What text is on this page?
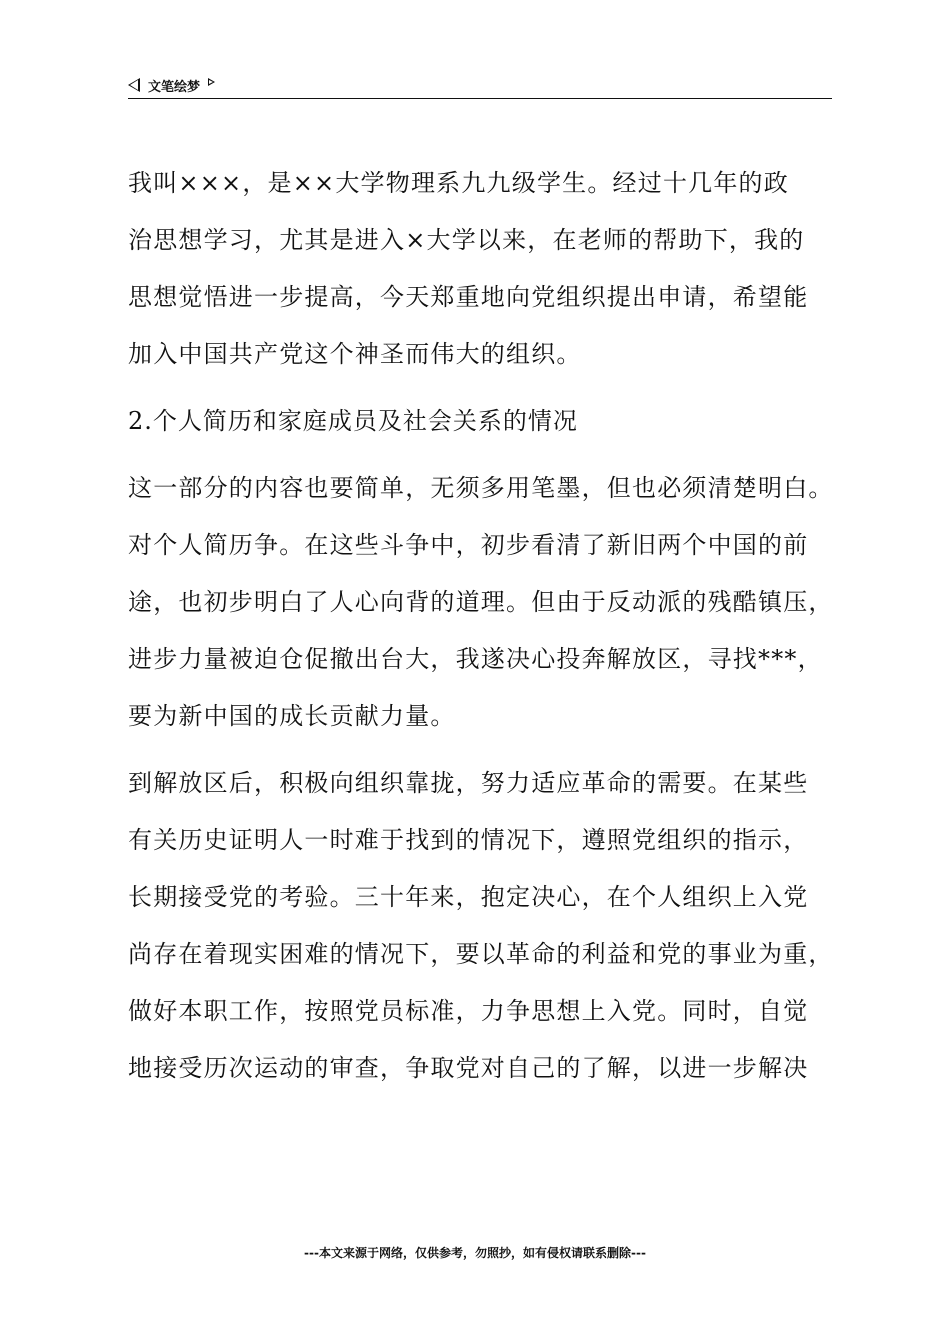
文笔绘梦
我叫×××，是××大学物理系九九级学生。经过十几年的政
治思想学习，尤其是进入×大学以来，在老师的帮助下，我的
思想觉悟进一步提高，今天郑重地向党组织提出申请，希望能
加入中国共产党这个神圣而伟大的组织。
2.个人简历和家庭成员及社会关系的情况
这一部分的内容也要简单，无须多用笔墨，但也必须清楚明白。
对个人简历争。在这些斗争中，初步看清了新旧两个中国的前
途，也初步明白了人心向背的道理。但由于反动派的残酷镇压，
进步力量被迫仓促撤出台大，我遂决心投奔解放区，寻找***，
要为新中国的成长贡献力量。
到解放区后，积极向组织靠拢，努力适应革命的需要。在某些
有关历史证明人一时难于找到的情况下，遵照党组织的指示，
长期接受党的考验。三十年来，抱定决心，在个人组织上入党
尚存在着现实困难的情况下，要以革命的利益和党的事业为重，
做好本职工作，按照党员标准，力争思想上入党。同时，自觉
地接受历次运动的审查，争取党对自己的了解，以进一步解决
---本文来源于网络，仅供参考，勿照抄，如有侵权请联系删除---
